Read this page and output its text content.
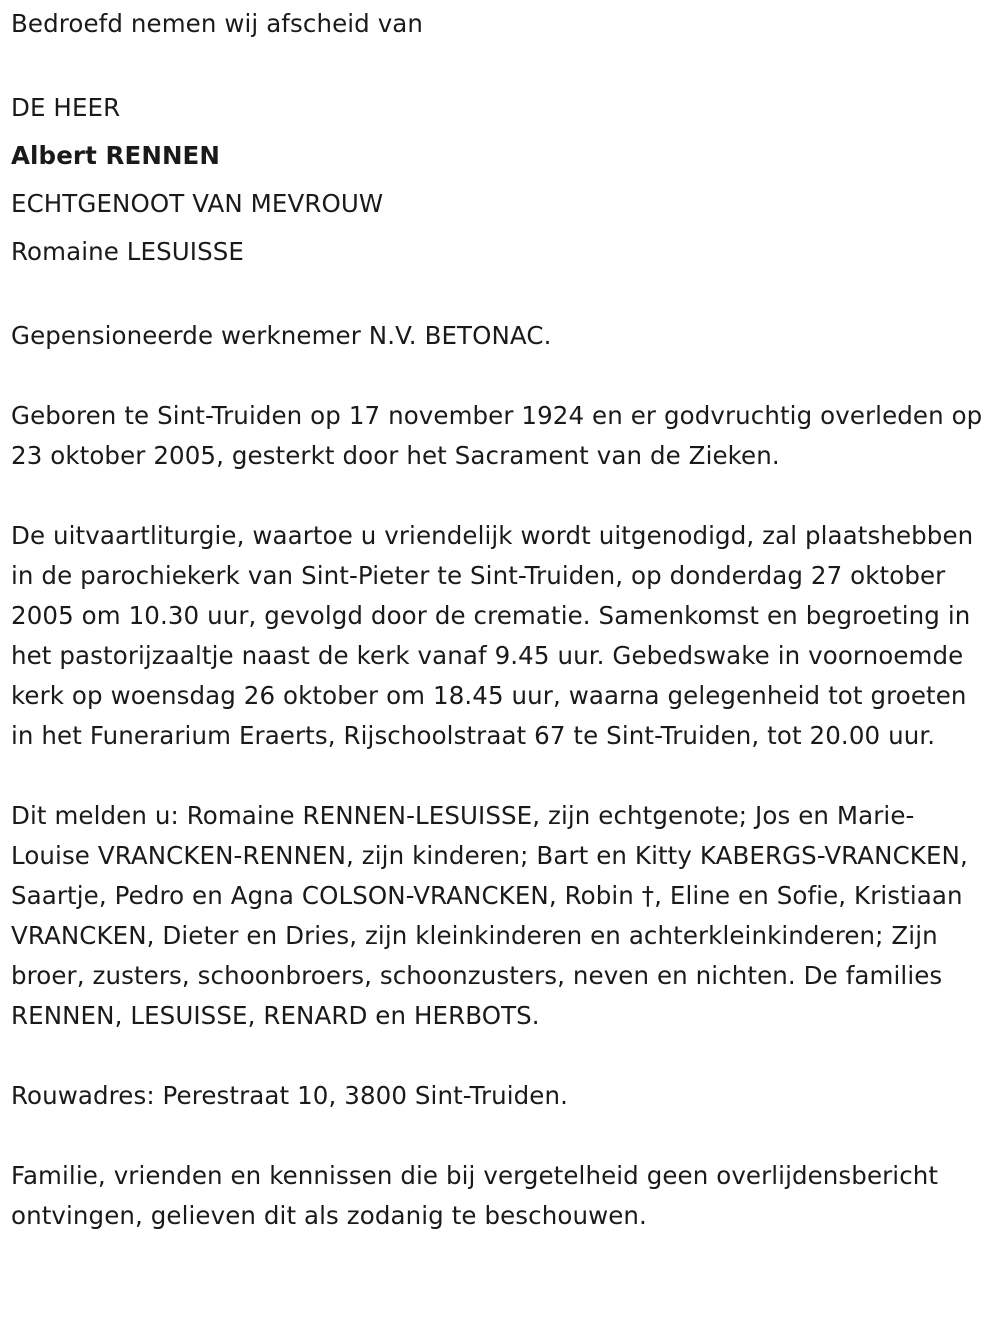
Bedroefd nemen wij afscheid van

DE HEER

Albert RENNEN

ECHTGENOOT VAN MEVROUW

Romaine LESUISSE

Gepensioneerde werknemer N.V. BETONAC.

Geboren te Sint-Truiden op 17 november 1924 en er godvruchtig overleden op 23 oktober 2005, gesterkt door het Sacrament van de Zieken.

De uitvaartliturgie, waartoe u vriendelijk wordt uitgenodigd, zal plaatshebben in de parochiekerk van Sint-Pieter te Sint-Truiden, op donderdag 27 oktober 2005 om 10.30 uur, gevolgd door de crematie. Samenkomst en begroeting in het pastorijzaaltje naast de kerk vanaf 9.45 uur. Gebedswake in voornoemde kerk op woensdag 26 oktober om 18.45 uur, waarna gelegenheid tot groeten in het Funerarium Eraerts, Rijschoolstraat 67 te Sint-Truiden, tot 20.00 uur.

Dit melden u: Romaine RENNEN-LESUISSE, zijn echtgenote; Jos en Marie-Louise VRANCKEN-RENNEN, zijn kinderen; Bart en Kitty KABERGS-VRANCKEN, Saartje, Pedro en Agna COLSON-VRANCKEN, Robin †, Eline en Sofie, Kristiaan VRANCKEN, Dieter en Dries, zijn kleinkinderen en achterkleinkinderen; Zijn broer, zusters, schoonbroers, schoonzusters, neven en nichten. De families RENNEN, LESUISSE, RENARD en HERBOTS.

Rouwadres: Perestraat 10, 3800 Sint-Truiden.

Familie, vrienden en kennissen die bij vergetelheid geen overlijdensbericht ontvingen, gelieven dit als zodanig te beschouwen.
